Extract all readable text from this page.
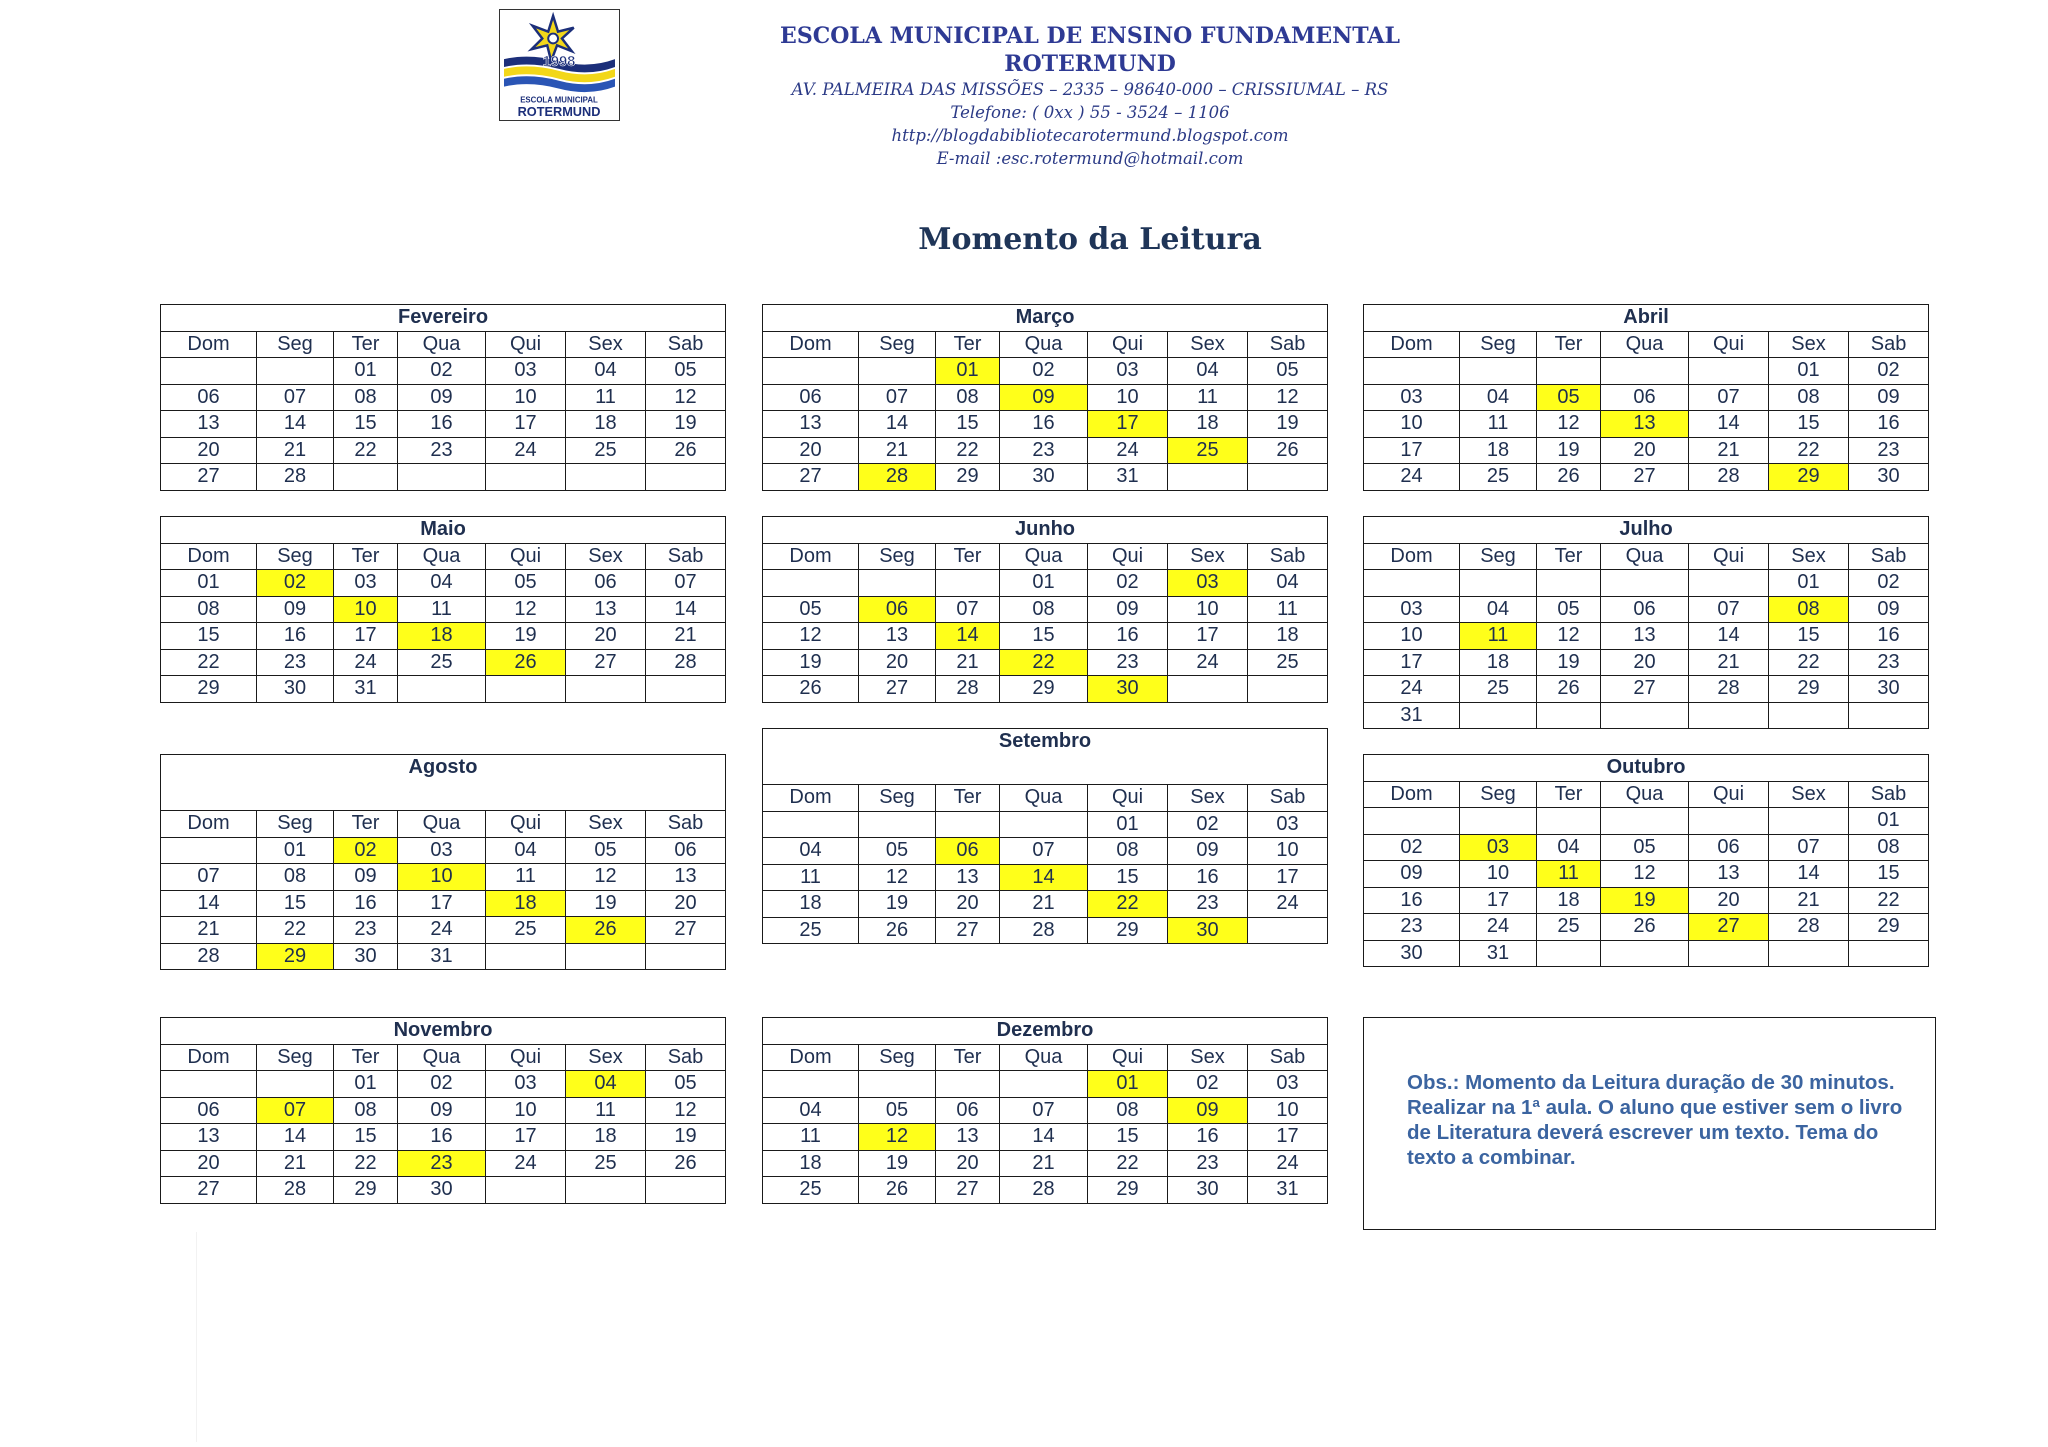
1998
ESCOLA MUNICIPAL
ROTERMUND
ESCOLA MUNICIPAL DE ENSINO FUNDAMENTAL ROTERMUND
AV. PALMEIRA DAS MISSÕES – 2335 – 98640-000 – CRISSIUMAL – RS
Telefone: ( 0xx ) 55 - 3524 – 1106
http://blogdabibliotecarotermund.blogspot.com
E-mail :esc.rotermund@hotmail.com
Momento da Leitura
Fevereiro						
Dom	Seg	Ter	Qua	Qui	Sex	Sab
		01	02	03	04	05
06	07	08	09	10	11	12
13	14	15	16	17	18	19
20	21	22	23	24	25	26
27	28					

Março						
Dom	Seg	Ter	Qua	Qui	Sex	Sab
		01	02	03	04	05
06	07	08	09	10	11	12
13	14	15	16	17	18	19
20	21	22	23	24	25	26
27	28	29	30	31		

Abril						
Dom	Seg	Ter	Qua	Qui	Sex	Sab
					01	02
03	04	05	06	07	08	09
10	11	12	13	14	15	16
17	18	19	20	21	22	23
24	25	26	27	28	29	30

Maio						
Dom	Seg	Ter	Qua	Qui	Sex	Sab
01	02	03	04	05	06	07
08	09	10	11	12	13	14
15	16	17	18	19	20	21
22	23	24	25	26	27	28
29	30	31				

Junho						
Dom	Seg	Ter	Qua	Qui	Sex	Sab
			01	02	03	04
05	06	07	08	09	10	11
12	13	14	15	16	17	18
19	20	21	22	23	24	25
26	27	28	29	30		

Julho						
Dom	Seg	Ter	Qua	Qui	Sex	Sab
					01	02
03	04	05	06	07	08	09
10	11	12	13	14	15	16
17	18	19	20	21	22	23
24	25	26	27	28	29	30
31						

Agosto						
Dom	Seg	Ter	Qua	Qui	Sex	Sab
	01	02	03	04	05	06
07	08	09	10	11	12	13
14	15	16	17	18	19	20
21	22	23	24	25	26	27
28	29	30	31			

Setembro						
Dom	Seg	Ter	Qua	Qui	Sex	Sab
				01	02	03
04	05	06	07	08	09	10
11	12	13	14	15	16	17
18	19	20	21	22	23	24
25	26	27	28	29	30	

Outubro						
Dom	Seg	Ter	Qua	Qui	Sex	Sab
						01
02	03	04	05	06	07	08
09	10	11	12	13	14	15
16	17	18	19	20	21	22
23	24	25	26	27	28	29
30	31					

Novembro						
Dom	Seg	Ter	Qua	Qui	Sex	Sab
		01	02	03	04	05
06	07	08	09	10	11	12
13	14	15	16	17	18	19
20	21	22	23	24	25	26
27	28	29	30			

Dezembro						
Dom	Seg	Ter	Qua	Qui	Sex	Sab
				01	02	03
04	05	06	07	08	09	10
11	12	13	14	15	16	17
18	19	20	21	22	23	24
25	26	27	28	29	30	31

Obs.: Momento da Leitura duração de 30 minutos. Realizar na 1ª aula. O aluno que estiver sem o livro de Literatura deverá escrever um texto. Tema do texto a combinar.
